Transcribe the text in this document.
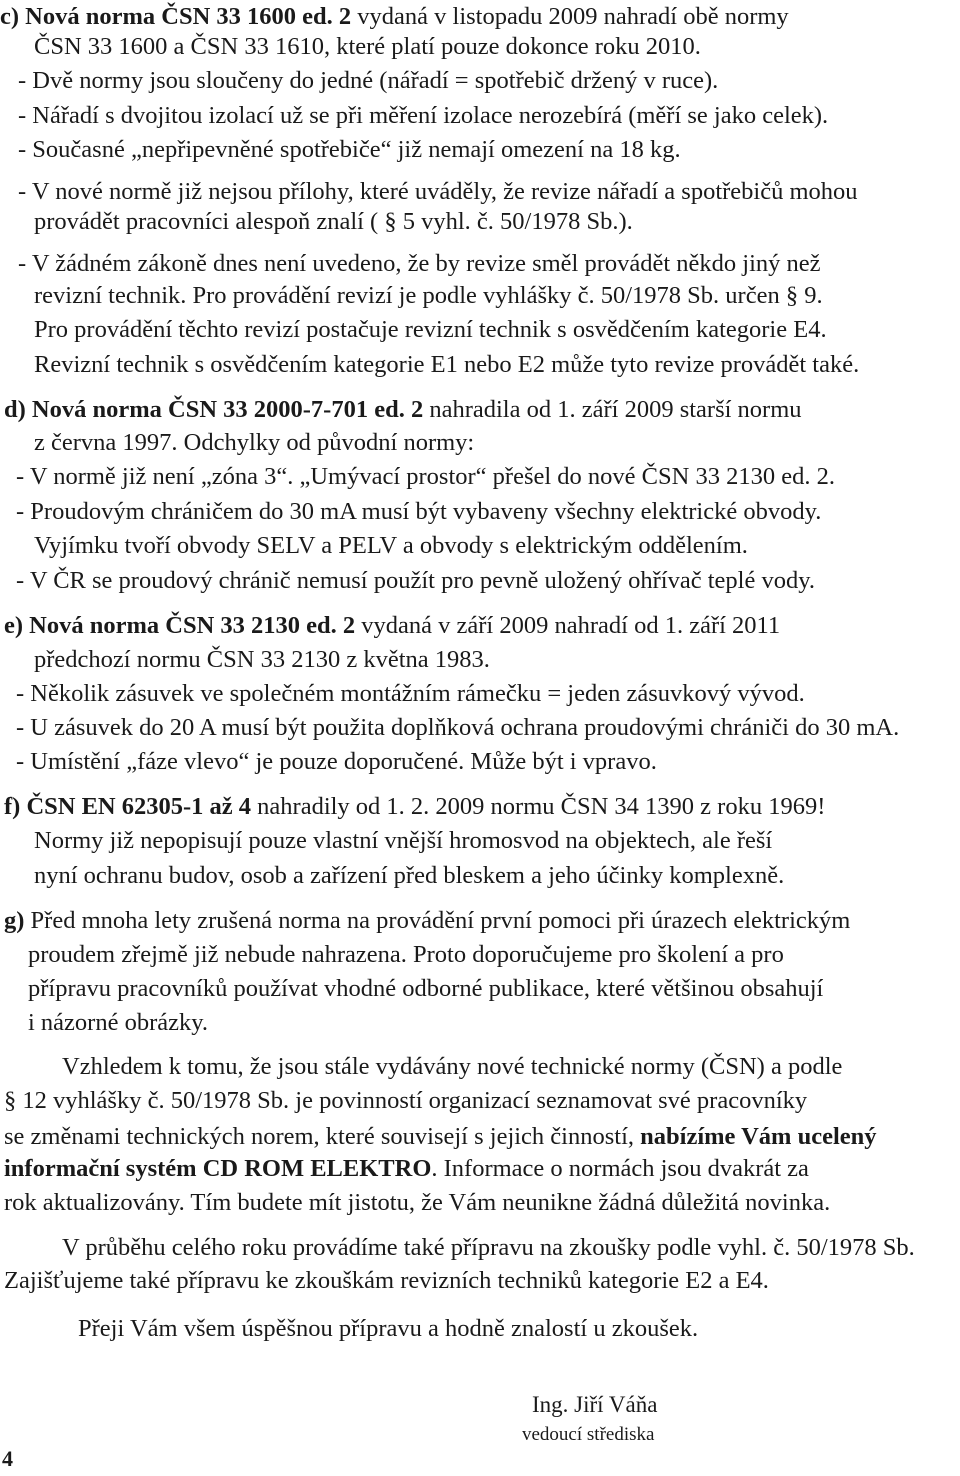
c) Nová norma ČSN 33 1600 ed. 2 vydaná v listopadu 2009 nahradí obě normy
ČSN 33 1600 a ČSN 33 1610, které platí pouze dokonce roku 2010.
- Dvě normy jsou sloučeny do jedné (nářadí = spotřebič držený v ruce).
- Nářadí s dvojitou izolací už se při měření izolace nerozebírá (měří se jako celek).
- Současné „nepřipevněné spotřebiče“ již nemají omezení na 18 kg.
- V nové normě již nejsou přílohy, které uváděly, že revize nářadí a spotřebičů mohou
provádět pracovníci alespoň znalí ( § 5 vyhl. č. 50/1978 Sb.).
- V žádném zákoně dnes není uvedeno, že by revize směl provádět někdo jiný než
revizní technik. Pro provádění revizí je podle vyhlášky č. 50/1978 Sb. určen § 9.
Pro provádění těchto revizí postačuje revizní technik s osvědčením kategorie E4.
Revizní technik s osvědčením kategorie E1 nebo E2 může tyto revize provádět také.
d) Nová norma ČSN 33 2000-7-701 ed. 2 nahradila od 1. září 2009 starší normu
z června 1997. Odchylky od původní normy:
- V normě již není „zóna 3“. „Umývací prostor“ přešel do nové ČSN 33 2130 ed. 2.
- Proudovým chráničem do 30 mA musí být vybaveny všechny elektrické obvody.
Vyjímku tvoří obvody SELV a PELV a obvody s elektrickým oddělením.
- V ČR se proudový chránič nemusí použít pro pevně uložený ohřívač teplé vody.
e) Nová norma ČSN 33 2130 ed. 2 vydaná v září 2009 nahradí od 1. září 2011
předchozí normu ČSN 33 2130 z května 1983.
- Několik zásuvek ve společném montážním rámečku = jeden zásuvkový vývod.
- U zásuvek do 20 A musí být použita doplňková ochrana proudovými chrániči do 30 mA.
- Umístění „fáze vlevo“ je pouze doporučené. Může být i vpravo.
f) ČSN EN 62305-1 až 4 nahradily od 1. 2. 2009 normu ČSN 34 1390 z roku 1969!
Normy již nepopisují pouze vlastní vnější hromosvod na objektech, ale řeší
nyní ochranu budov, osob a zařízení před bleskem a jeho účinky komplexně.
g) Před mnoha lety zrušená norma na provádění první pomoci při úrazech elektrickým
proudem zřejmě již nebude nahrazena. Proto doporučujeme pro školení a pro
přípravu pracovníků používat vhodné odborné publikace, které většinou obsahují
i názorné obrázky.
Vzhledem k tomu, že jsou stále vydávány nové technické normy (ČSN) a podle
§ 12 vyhlášky č. 50/1978 Sb. je povinností organizací seznamovat své pracovníky
se změnami technických norem, které souvisejí s jejich činností, nabízíme Vám ucelený
informační systém CD ROM ELEKTRO. Informace o normách jsou dvakrát za
rok aktualizovány. Tím budete mít jistotu, že Vám neunikne žádná důležitá novinka.
V průběhu celého roku provádíme také přípravu na zkoušky podle vyhl. č. 50/1978 Sb.
Zajišťujeme také přípravu ke zkouškám revizních techniků kategorie E2 a E4.
Přeji Vám všem úspěšnou přípravu a hodně znalostí u zkoušek.
Ing. Jiří Váňa
vedoucí střediska
4
